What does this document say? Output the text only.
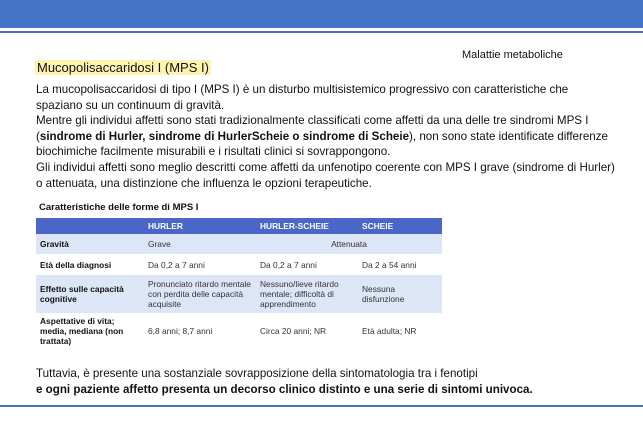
Malattie metaboliche
Mucopolisaccaridosi I (MPS I)

La mucopolisaccaridosi di tipo I (MPS I) è un disturbo multisistemico progressivo con caratteristiche che spaziano su un continuum di gravità.

Mentre gli individui affetti sono stati tradizionalmente classificati come affetti da una delle tre sindromi MPS I (sindrome di Hurler, sindrome di HurlerScheie o sindrome di Scheie), non sono state identificate differenze biochimiche facilmente misurabili e i risultati clinici si sovrappongono.

Gli individui affetti sono meglio descritti come affetti da unfenotipo coerente con MPS I grave (sindrome di Hurler) o attenuata, una distinzione che influenza le opzioni terapeutiche.

Caratteristiche delle forme di MPS I
	HURLER	HURLER-SCHEIE	SCHEIE
Gravità	Grave	Attenuata	
Età della diagnosi	Da 0,2 a 7 anni	Da 0,2 a 7 anni	Da 2 a 54 anni
Effetto sulle capacità cognitive	Pronunciato ritardo mentale con perdita delle capacità acquisite	Nessuno/lieve ritardo mentale; difficoltà di apprendimento	Nessuna disfunzione
Aspettative di vita; media, mediana (non trattata)	6,8 anni; 8,7 anni	Circa 20 anni; NR	Età adulta; NR

Tuttavia, è presente una sostanziale sovrapposizione della sintomatologia tra i fenotipi

e ogni paziente affetto presenta un decorso clinico distinto e una serie di sintomi univoca.
